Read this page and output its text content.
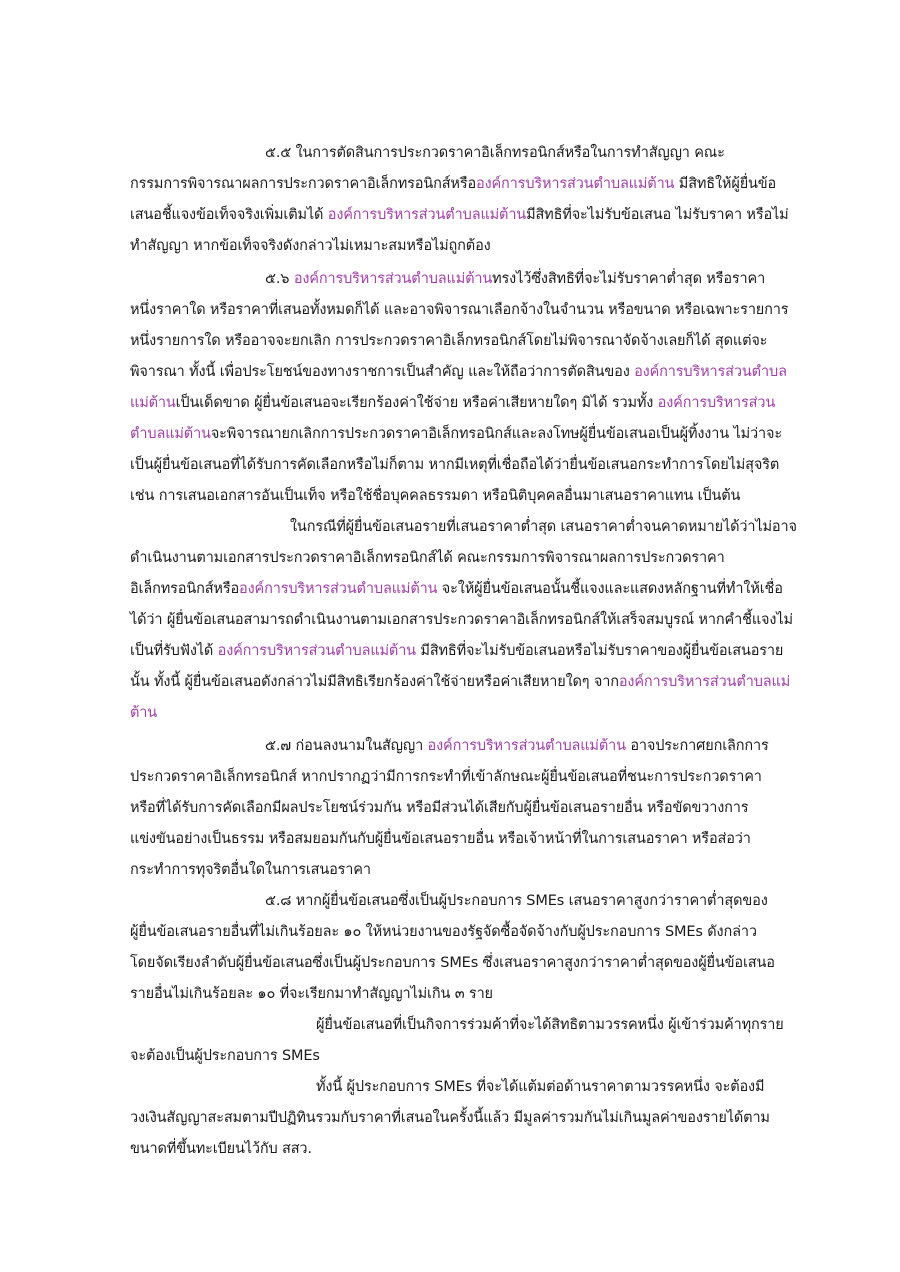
๕.๕ ในการตัดสินการประกวดราคาอิเล็กทรอนิกส์หรือในการทำสัญญา คณะ
กรรมการพิจารณาผลการประกวดราคาอิเล็กทรอนิกส์หรือองค์การบริหารส่วนตำบลแม่ต้าน มีสิทธิให้ผู้ยื่นข้อ
เสนอชี้แจงข้อเท็จจริงเพิ่มเติมได้ องค์การบริหารส่วนตำบลแม่ต้านมีสิทธิที่จะไม่รับข้อเสนอ ไม่รับราคา หรือไม่
ทำสัญญา หากข้อเท็จจริงดังกล่าวไม่เหมาะสมหรือไม่ถูกต้อง
๕.๖ องค์การบริหารส่วนตำบลแม่ต้านทรงไว้ซึ่งสิทธิที่จะไม่รับราคาต่ำสุด หรือราคา
หนึ่งราคาใด หรือราคาที่เสนอทั้งหมดก็ได้ และอาจพิจารณาเลือกจ้างในจำนวน หรือขนาด หรือเฉพาะรายการ
หนึ่งรายการใด หรืออาจจะยกเลิก การประกวดราคาอิเล็กทรอนิกส์โดยไม่พิจารณาจัดจ้างเลยก็ได้ สุดแต่จะ
พิจารณา ทั้งนี้ เพื่อประโยชน์ของทางราชการเป็นสำคัญ และให้ถือว่าการตัดสินของ องค์การบริหารส่วนตำบล
แม่ต้านเป็นเด็ดขาด ผู้ยื่นข้อเสนอจะเรียกร้องค่าใช้จ่าย หรือค่าเสียหายใดๆ มิได้ รวมทั้ง องค์การบริหารส่วน
ตำบลแม่ต้านจะพิจารณายกเลิกการประกวดราคาอิเล็กทรอนิกส์และลงโทษผู้ยื่นข้อเสนอเป็นผู้ทิ้งงาน ไม่ว่าจะ
เป็นผู้ยื่นข้อเสนอที่ได้รับการคัดเลือกหรือไม่ก็ตาม หากมีเหตุที่เชื่อถือได้ว่ายื่นข้อเสนอกระทำการโดยไม่สุจริต
เช่น การเสนอเอกสารอันเป็นเท็จ หรือใช้ชื่อบุคคลธรรมดา หรือนิติบุคคลอื่นมาเสนอราคาแทน เป็นต้น
ในกรณีที่ผู้ยื่นข้อเสนอรายที่เสนอราคาต่ำสุด เสนอราคาต่ำจนคาดหมายได้ว่าไม่อาจ
ดำเนินงานตามเอกสารประกวดราคาอิเล็กทรอนิกส์ได้ คณะกรรมการพิจารณาผลการประกวดราคา
อิเล็กทรอนิกส์หรือองค์การบริหารส่วนตำบลแม่ต้าน จะให้ผู้ยื่นข้อเสนอนั้นชี้แจงและแสดงหลักฐานที่ทำให้เชื่อ
ได้ว่า ผู้ยื่นข้อเสนอสามารถดำเนินงานตามเอกสารประกวดราคาอิเล็กทรอนิกส์ให้เสร็จสมบูรณ์ หากคำชี้แจงไม่
เป็นที่รับฟังได้ องค์การบริหารส่วนตำบลแม่ต้าน มีสิทธิที่จะไม่รับข้อเสนอหรือไม่รับราคาของผู้ยื่นข้อเสนอราย
นั้น ทั้งนี้ ผู้ยื่นข้อเสนอดังกล่าวไม่มีสิทธิเรียกร้องค่าใช้จ่ายหรือค่าเสียหายใดๆ จากองค์การบริหารส่วนตำบลแม่
ต้าน
๕.๗ ก่อนลงนามในสัญญา องค์การบริหารส่วนตำบลแม่ต้าน อาจประกาศยกเลิกการ
ประกวดราคาอิเล็กทรอนิกส์ หากปรากฏว่ามีการกระทำที่เข้าลักษณะผู้ยื่นข้อเสนอที่ชนะการประกวดราคา
หรือที่ได้รับการคัดเลือกมีผลประโยชน์ร่วมกัน หรือมีส่วนได้เสียกับผู้ยื่นข้อเสนอรายอื่น หรือขัดขวางการ
แข่งขันอย่างเป็นธรรม หรือสมยอมกันกับผู้ยื่นข้อเสนอรายอื่น หรือเจ้าหน้าที่ในการเสนอราคา หรือส่อว่า
กระทำการทุจริตอื่นใดในการเสนอราคา
๕.๘ หากผู้ยื่นข้อเสนอซึ่งเป็นผู้ประกอบการ SMEs เสนอราคาสูงกว่าราคาต่ำสุดของ
ผู้ยื่นข้อเสนอรายอื่นที่ไม่เกินร้อยละ ๑๐ ให้หน่วยงานของรัฐจัดซื้อจัดจ้างกับผู้ประกอบการ SMEs ดังกล่าว
โดยจัดเรียงลำดับผู้ยื่นข้อเสนอซึ่งเป็นผู้ประกอบการ SMEs ซึ่งเสนอราคาสูงกว่าราคาต่ำสุดของผู้ยื่นข้อเสนอ
รายอื่นไม่เกินร้อยละ ๑๐ ที่จะเรียกมาทำสัญญาไม่เกิน ๓ ราย
ผู้ยื่นข้อเสนอที่เป็นกิจการร่วมค้าที่จะได้สิทธิตามวรรคหนึ่ง ผู้เข้าร่วมค้าทุกราย
จะต้องเป็นผู้ประกอบการ SMEs
ทั้งนี้ ผู้ประกอบการ SMEs ที่จะได้แต้มต่อด้านราคาตามวรรคหนึ่ง จะต้องมี
วงเงินสัญญาสะสมตามปีปฏิทินรวมกับราคาที่เสนอในครั้งนี้แล้ว มีมูลค่ารวมกันไม่เกินมูลค่าของรายได้ตาม
ขนาดที่ขึ้นทะเบียนไว้กับ สสว.
